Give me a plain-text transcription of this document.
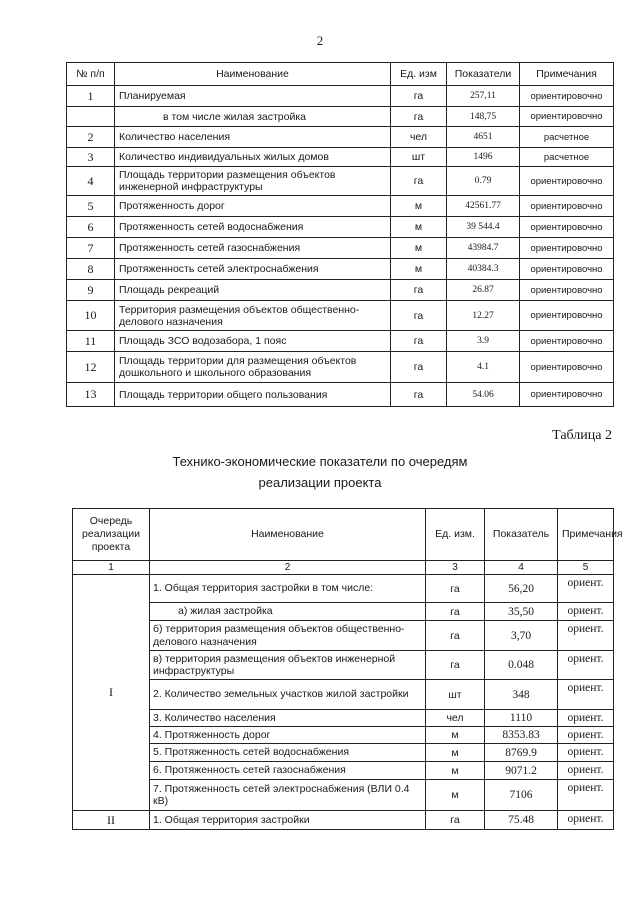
2
№ п/п	Наименование	Ед. изм	Показатели	Примечания
1	Планируемая	га	257,11	ориентировочно
	в том числе жилая застройка	га	148,75	ориентировочно
2	Количество населения	чел	4651	расчетное
3	Количество индивидуальных жилых домов	шт	1496	расчетное
4	Площадь территории размещения объектов инженерной инфраструктуры	га	0.79	ориентировочно
5	Протяженность дорог	м	42561.77	ориентировочно
6	Протяженность сетей водоснабжения	м	39 544.4	ориентировочно
7	Протяженность сетей газоснабжения	м	43984.7	ориентировочно
8	Протяженность сетей электроснабжения	м	40384.3	ориентировочно
9	Площадь рекреаций	га	26.87	ориентировочно
10	Территория размещения объектов общественно-делового назначения	га	12.27	ориентировочно
11	Площадь ЗСО водозабора, 1 пояс	га	3.9	ориентировочно
12	Площадь территории для размещения объектов дошкольного и школьного образования	га	4.1	ориентировочно
13	Площадь территории общего пользования	га	54.06	ориентировочно
Таблица 2
Технико-экономические показатели по очередям
реализации проекта
Очередь реализации проекта	Наименование	Ед. изм.	Показатель	Примечания
1	2	3	4	5
I	1. Общая территория застройки в том числе:	га	56,20	ориент.
	а) жилая застройка	га	35,50	ориент.
	б) территория размещения объектов общественно-делового назначения	га	3,70	ориент.
	в) территория размещения объектов инженерной инфраструктуры	га	0.048	ориент.
	2. Количество земельных участков жилой застройки	шт	348	ориент.
	3. Количество населения	чел	1110	ориент.
	4. Протяженность дорог	м	8353.83	ориент.
	5. Протяженность сетей водоснабжения	м	8769.9	ориент.
	6. Протяженность сетей газоснабжения	м	9071.2	ориент.
	7. Протяженность сетей электроснабжения (ВЛИ 0.4 кВ)	м	7106	ориент.
II	1. Общая территория застройки	га	75.48	ориент.
